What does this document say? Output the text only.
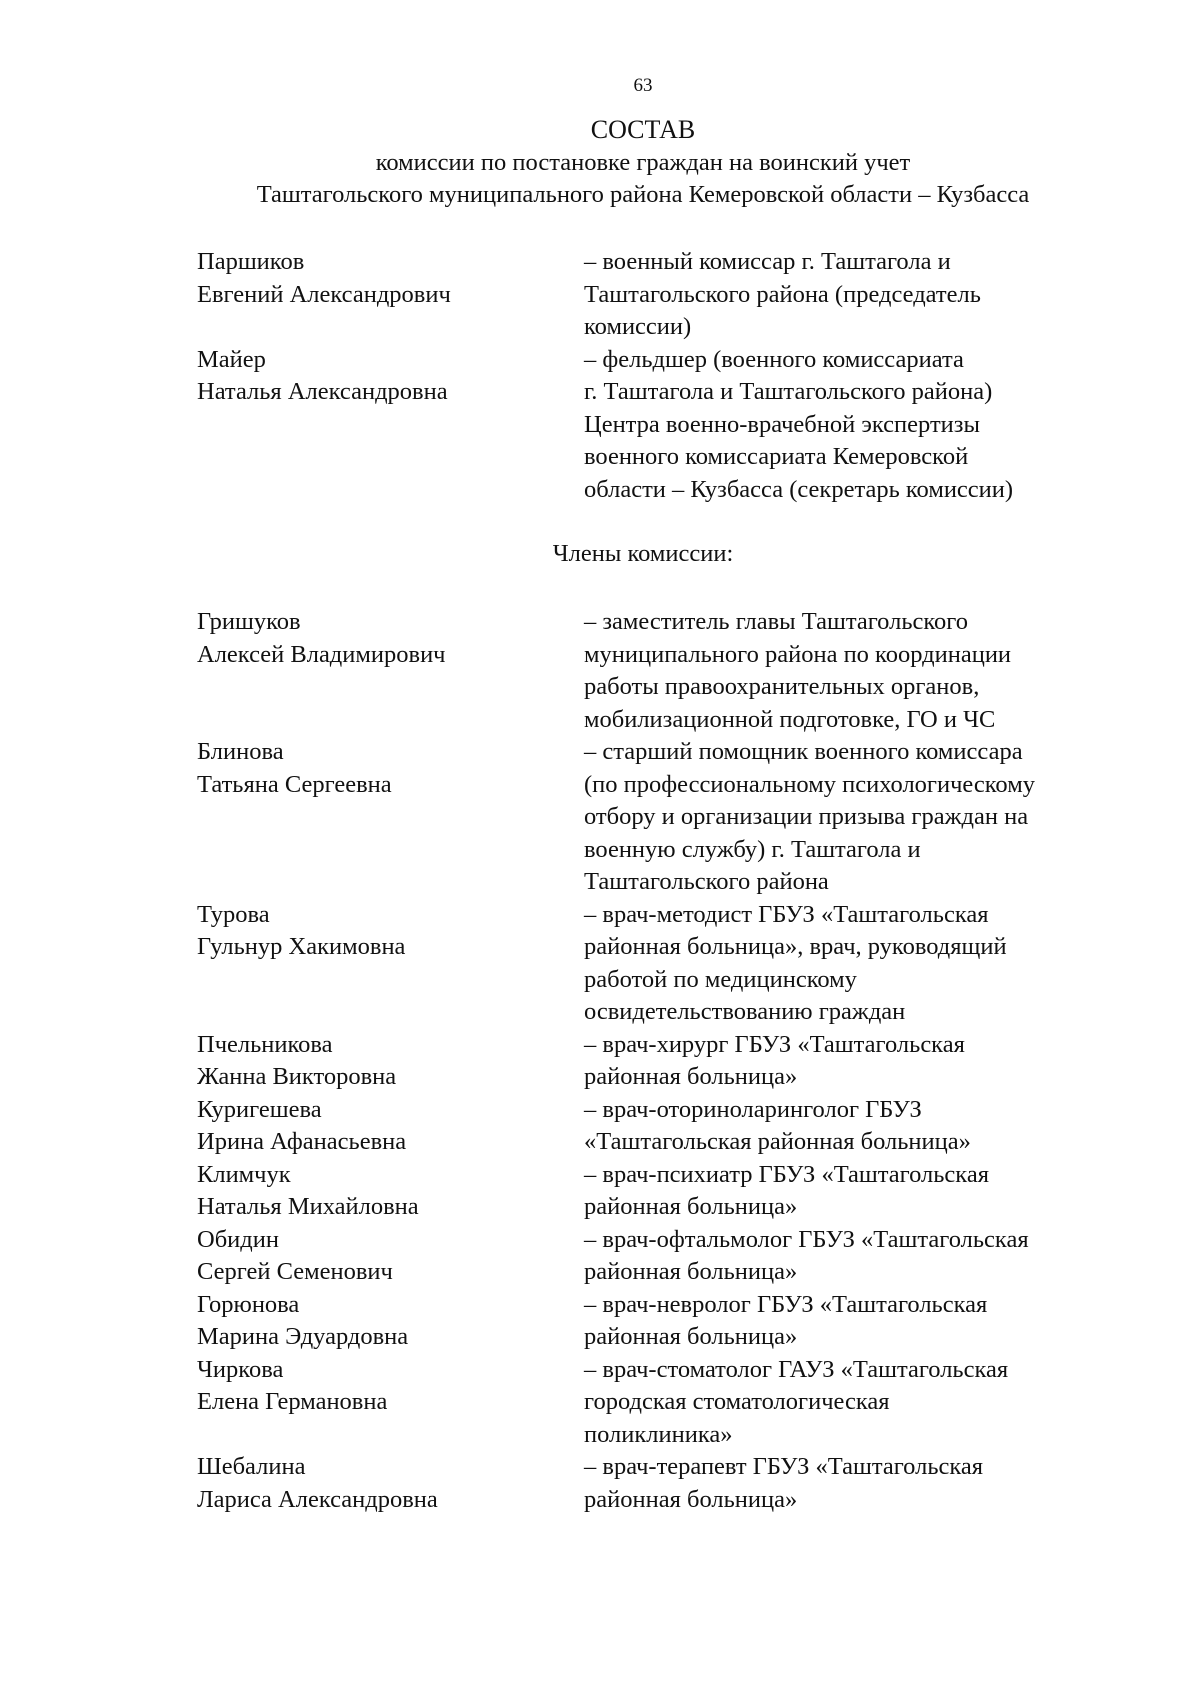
63
СОСТАВ
комиссии по постановке граждан на воинский учет
Таштагольского муниципального района Кемеровской области – Кузбасса
Паршиков
Евгений Александрович
– военный комиссар г. Таштагола и
Таштагольского района (председатель
комиссии)
Майер
Наталья Александровна
– фельдшер (военного комиссариата
г. Таштагола и Таштагольского района)
Центра военно-врачебной экспертизы
военного комиссариата Кемеровской
области – Кузбасса (секретарь комиссии)
Члены комиссии:
Гришуков
Алексей Владимирович
– заместитель главы Таштагольского
муниципального района по координации
работы правоохранительных органов,
мобилизационной подготовке, ГО и ЧС
Блинова
Татьяна Сергеевна
– старший помощник военного комиссара
(по профессиональному психологическому
отбору и организации призыва граждан на
военную службу) г. Таштагола и
Таштагольского района
Турова
Гульнур Хакимовна
– врач-методист ГБУЗ «Таштагольская
районная больница», врач, руководящий
работой по медицинскому
освидетельствованию граждан
Пчельникова
Жанна Викторовна
– врач-хирург ГБУЗ «Таштагольская
районная больница»
Куригешева
Ирина Афанасьевна
– врач-оториноларинголог ГБУЗ
«Таштагольская районная больница»
Климчук
Наталья Михайловна
– врач-психиатр ГБУЗ «Таштагольская
районная больница»
Обидин
Сергей Семенович
– врач-офтальмолог ГБУЗ «Таштагольская
районная больница»
Горюнова
Марина Эдуардовна
– врач-невролог ГБУЗ «Таштагольская
районная больница»
Чиркова
Елена Германовна
– врач-стоматолог ГАУЗ «Таштагольская
городская стоматологическая
поликлиника»
Шебалина
Лариса Александровна
– врач-терапевт ГБУЗ «Таштагольская
районная больница»
